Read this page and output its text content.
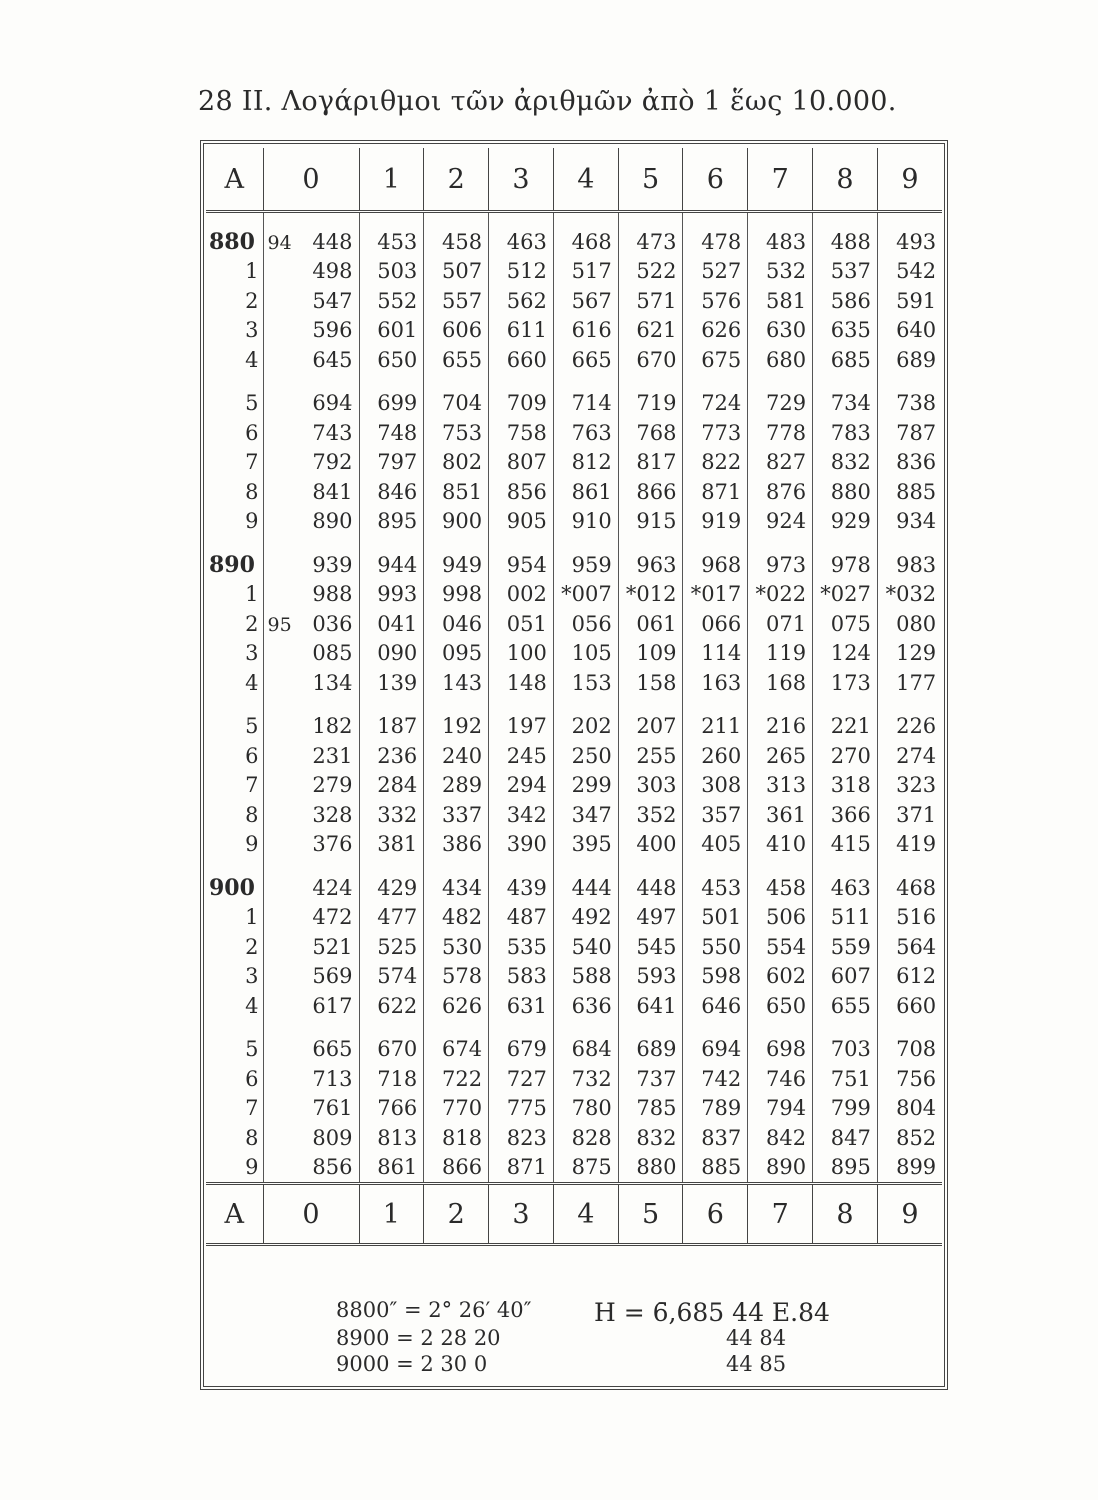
28 II. Λογάριθμοι τῶν ἀριθμῶν ἀπὸ 1 ἕως 10.000.
A	0	1	2	3	4	5	6	7	8	9
880	94 448	453	458	463	468	473	478	483	488	493
1	498	503	507	512	517	522	527	532	537	542
2	547	552	557	562	567	571	576	581	586	591
3	596	601	606	611	616	621	626	630	635	640
4	645	650	655	660	665	670	675	680	685	689
5	694	699	704	709	714	719	724	729	734	738
6	743	748	753	758	763	768	773	778	783	787
7	792	797	802	807	812	817	822	827	832	836
8	841	846	851	856	861	866	871	876	880	885
9	890	895	900	905	910	915	919	924	929	934
890	939	944	949	954	959	963	968	973	978	983
1	988	993	998	002	*007	*012	*017	*022	*027	*032
2	95 036	041	046	051	056	061	066	071	075	080
3	085	090	095	100	105	109	114	119	124	129
4	134	139	143	148	153	158	163	168	173	177
5	182	187	192	197	202	207	211	216	221	226
6	231	236	240	245	250	255	260	265	270	274
7	279	284	289	294	299	303	308	313	318	323
8	328	332	337	342	347	352	357	361	366	371
9	376	381	386	390	395	400	405	410	415	419
900	424	429	434	439	444	448	453	458	463	468
1	472	477	482	487	492	497	501	506	511	516
2	521	525	530	535	540	545	550	554	559	564
3	569	574	578	583	588	593	598	602	607	612
4	617	622	626	631	636	641	646	650	655	660
5	665	670	674	679	684	689	694	698	703	708
6	713	718	722	727	732	737	742	746	751	756
7	761	766	770	775	780	785	789	794	799	804
8	809	813	818	823	828	832	837	842	847	852
9	856	861	866	871	875	880	885	890	895	899
A	0	1	2	3	4	5	6	7	8	9
8800″ = 2° 26′ 40″	H = 6̄,685 44 E.84
8900 = 2 28 20	44 84
9000 = 2 30 0	44 85
